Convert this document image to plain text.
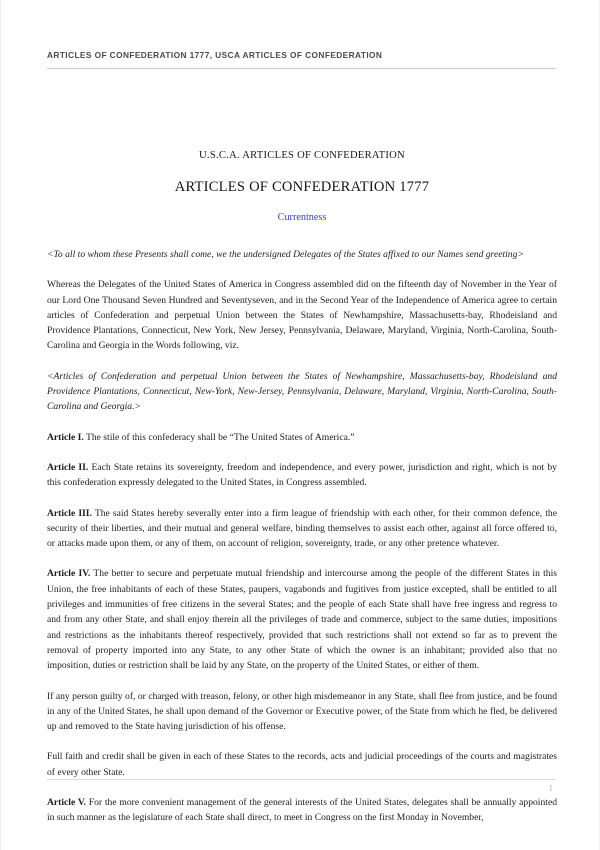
ARTICLES OF CONFEDERATION 1777, USCA ARTICLES OF CONFEDERATION
U.S.C.A. ARTICLES OF CONFEDERATION
ARTICLES OF CONFEDERATION 1777
Currentness

<To all to whom these Presents shall come, we the undersigned Delegates of the States affixed to our Names send greeting>

Whereas the Delegates of the United States of America in Congress assembled did on the fifteenth day of November in the Year of our Lord One Thousand Seven Hundred and Seventyseven, and in the Second Year of the Independence of America agree to certain articles of Confederation and perpetual Union between the States of Newhampshire, Massachusetts-bay, Rhodeisland and Providence Plantations, Connecticut, New York, New Jersey, Pennsylvania, Delaware, Maryland, Virginia, North-Carolina, South-Carolina and Georgia in the Words following, viz.

<Articles of Confederation and perpetual Union between the States of Newhampshire, Massachusetts-bay, Rhodeisland and Providence Plantations, Connecticut, New-York, New-Jersey, Pennsylvania, Delaware, Maryland, Virginia, North-Carolina, South-Carolina and Georgia.>

Article I. The stile of this confederacy shall be “The United States of America.”

Article II. Each State retains its sovereignty, freedom and independence, and every power, jurisdiction and right, which is not by this confederation expressly delegated to the United States, in Congress assembled.

Article III. The said States hereby severally enter into a firm league of friendship with each other, for their common defence, the security of their liberties, and their mutual and general welfare, binding themselves to assist each other, against all force offered to, or attacks made upon them, or any of them, on account of religion, sovereignty, trade, or any other pretence whatever.

Article IV. The better to secure and perpetuate mutual friendship and intercourse among the people of the different States in this Union, the free inhabitants of each of these States, paupers, vagabonds and fugitives from justice excepted, shall be entitled to all privileges and immunities of free citizens in the several States; and the people of each State shall have free ingress and regress to and from any other State, and shall enjoy therein all the privileges of trade and commerce, subject to the same duties, impositions and restrictions as the inhabitants thereof respectively, provided that such restrictions shall not extend so far as to prevent the removal of property imported into any State, to any other State of which the owner is an inhabitant; provided also that no imposition, duties or restriction shall be laid by any State, on the property of the United States, or either of them.

If any person guilty of, or charged with treason, felony, or other high misdemeanor in any State, shall flee from justice, and be found in any of the United States, he shall upon demand of the Governor or Executive power, of the State from which he fled, be delivered up and removed to the State having jurisdiction of his offense.

Full faith and credit shall be given in each of these States to the records, acts and judicial proceedings of the courts and magistrates of every other State.

Article V. For the more convenient management of the general interests of the United States, delegates shall be annually appointed in such manner as the legislature of each State shall direct, to meet in Congress on the first Monday in November,

1
